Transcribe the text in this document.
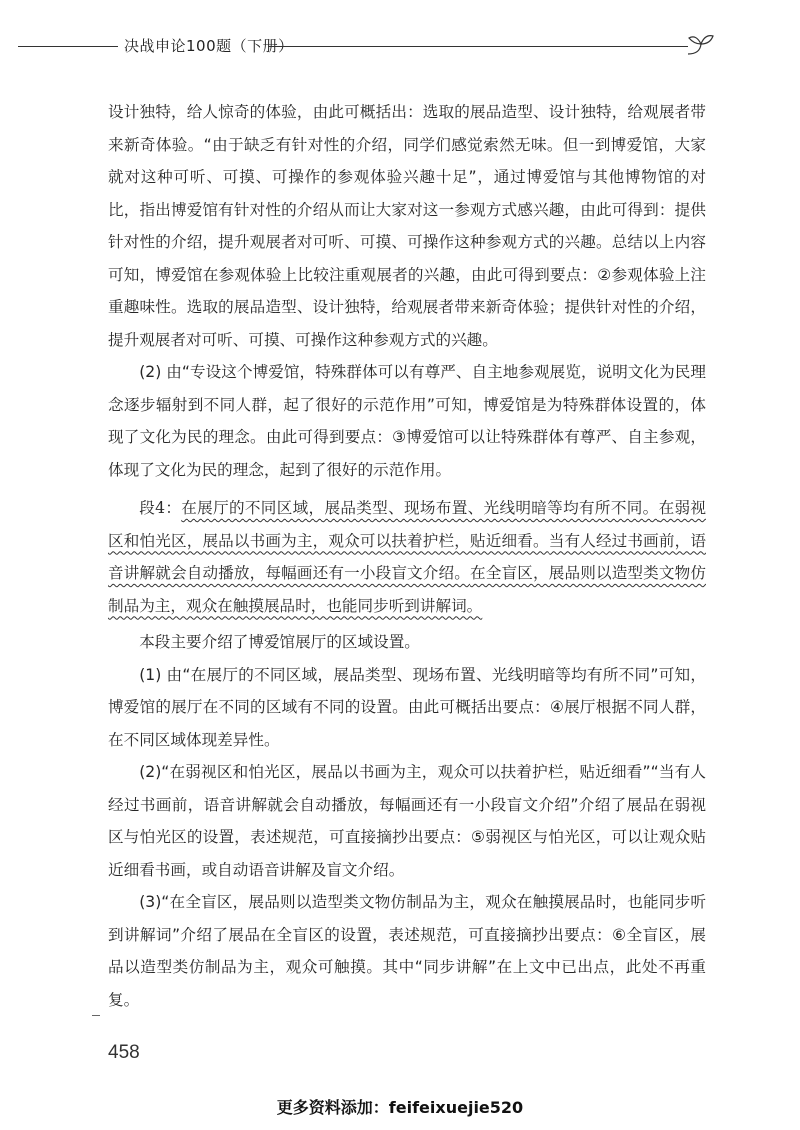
决战申论100题（下册）

设计独特，给人惊奇的体验，由此可概括出：选取的展品造型、设计独特，给观展者带来新奇体验。“由于缺乏有针对性的介绍，同学们感觉索然无味。但一到博爱馆，大家就对这种可听、可摸、可操作的参观体验兴趣十足”，通过博爱馆与其他博物馆的对比，指出博爱馆有针对性的介绍从而让大家对这一参观方式感兴趣，由此可得到：提供针对性的介绍，提升观展者对可听、可摸、可操作这种参观方式的兴趣。总结以上内容可知，博爱馆在参观体验上比较注重观展者的兴趣，由此可得到要点：②参观体验上注重趣味性。选取的展品造型、设计独特，给观展者带来新奇体验；提供针对性的介绍，提升观展者对可听、可摸、可操作这种参观方式的兴趣。

(2) 由“专设这个博爱馆，特殊群体可以有尊严、自主地参观展览，说明文化为民理念逐步辐射到不同人群，起了很好的示范作用”可知，博爱馆是为特殊群体设置的，体现了文化为民的理念。由此可得到要点：③博爱馆可以让特殊群体有尊严、自主参观，体现了文化为民的理念，起到了很好的示范作用。

段4：在展厅的不同区域，展品类型、现场布置、光线明暗等均有所不同。在弱视区和怕光区，展品以书画为主，观众可以扶着护栏，贴近细看。当有人经过书画前，语音讲解就会自动播放，每幅画还有一小段盲文介绍。在全盲区，展品则以造型类文物仿制品为主，观众在触摸展品时，也能同步听到讲解词。

本段主要介绍了博爱馆展厅的区域设置。

(1) 由“在展厅的不同区域，展品类型、现场布置、光线明暗等均有所不同”可知，博爱馆的展厅在不同的区域有不同的设置。由此可概括出要点：④展厅根据不同人群，在不同区域体现差异性。

(2)“在弱视区和怕光区，展品以书画为主，观众可以扶着护栏，贴近细看”“当有人经过书画前，语音讲解就会自动播放，每幅画还有一小段盲文介绍”介绍了展品在弱视区与怕光区的设置，表述规范，可直接摘抄出要点：⑤弱视区与怕光区，可以让观众贴近细看书画，或自动语音讲解及盲文介绍。

(3)“在全盲区，展品则以造型类文物仿制品为主，观众在触摸展品时，也能同步听到讲解词”介绍了展品在全盲区的设置，表述规范，可直接摘抄出要点：⑥全盲区，展品以造型类仿制品为主，观众可触摸。其中“同步讲解”在上文中已出点，此处不再重复。

458
更多资料添加：feifeixuejie520
